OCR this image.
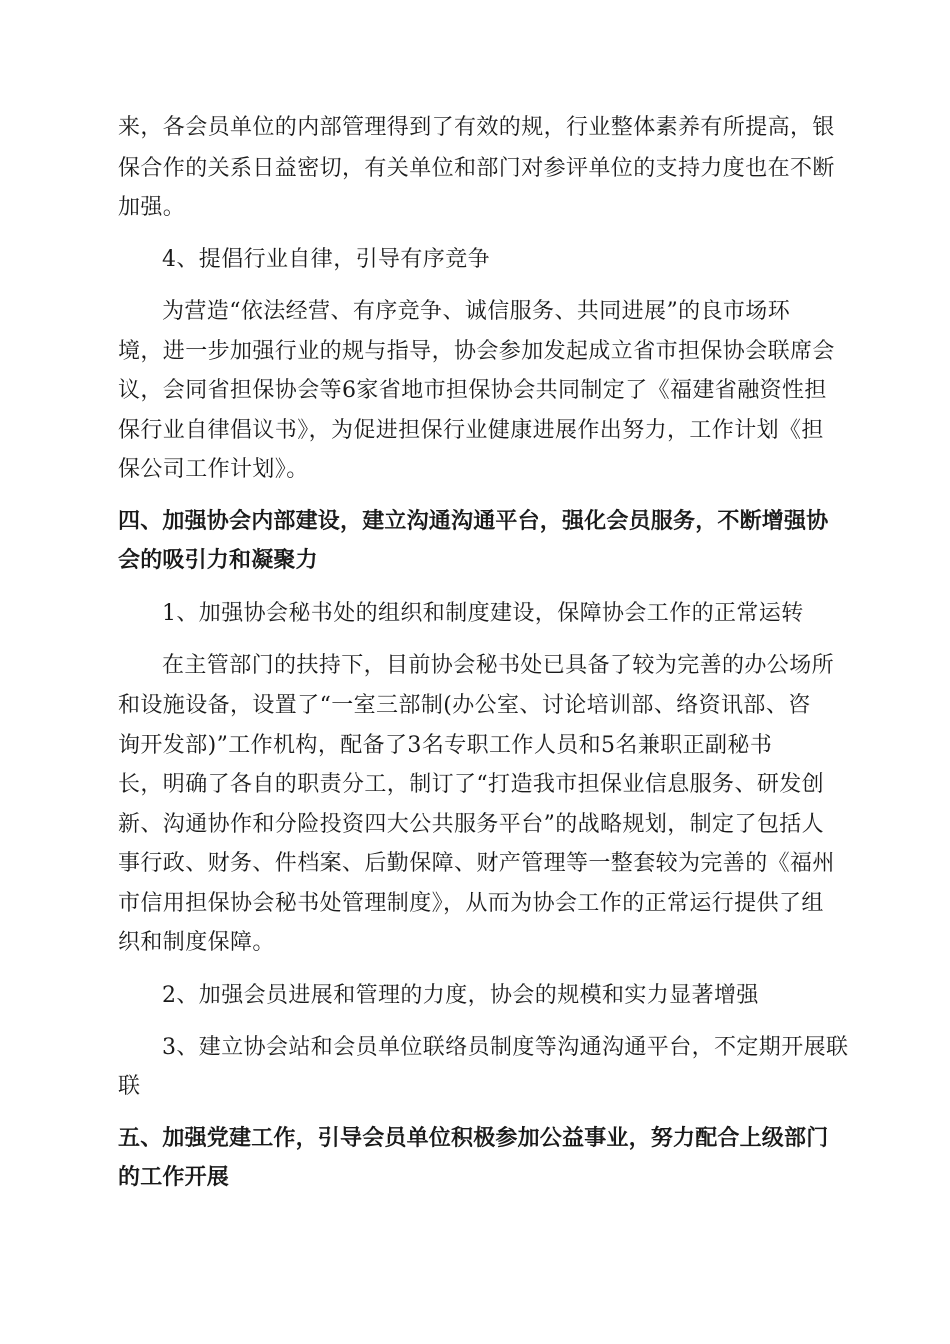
来，各会员单位的内部管理得到了有效的规，行业整体素养有所提高，银
保合作的关系日益密切，有关单位和部门对参评单位的支持力度也在不断
加强。
4、提倡行业自律，引导有序竞争
为营造“依法经营、有序竞争、诚信服务、共同进展”的良市场环
境，进一步加强行业的规与指导，协会参加发起成立省市担保协会联席会
议，会同省担保协会等6家省地市担保协会共同制定了《福建省融资性担
保行业自律倡议书》，为促进担保行业健康进展作出努力，工作计划《担
保公司工作计划》。
四、加强协会内部建设，建立沟通沟通平台，强化会员服务，不断增强协
会的吸引力和凝聚力
1、加强协会秘书处的组织和制度建设，保障协会工作的正常运转
在主管部门的扶持下，目前协会秘书处已具备了较为完善的办公场所
和设施设备，设置了“一室三部制(办公室、讨论培训部、络资讯部、咨
询开发部)”工作机构，配备了3名专职工作人员和5名兼职正副秘书
长，明确了各自的职责分工，制订了“打造我市担保业信息服务、研发创
新、沟通协作和分险投资四大公共服务平台”的战略规划，制定了包括人
事行政、财务、件档案、后勤保障、财产管理等一整套较为完善的《福州
市信用担保协会秘书处管理制度》，从而为协会工作的正常运行提供了组
织和制度保障。
2、加强会员进展和管理的力度，协会的规模和实力显著增强
3、建立协会站和会员单位联络员制度等沟通沟通平台，不定期开展联
联
五、加强党建工作，引导会员单位积极参加公益事业，努力配合上级部门
的工作开展
